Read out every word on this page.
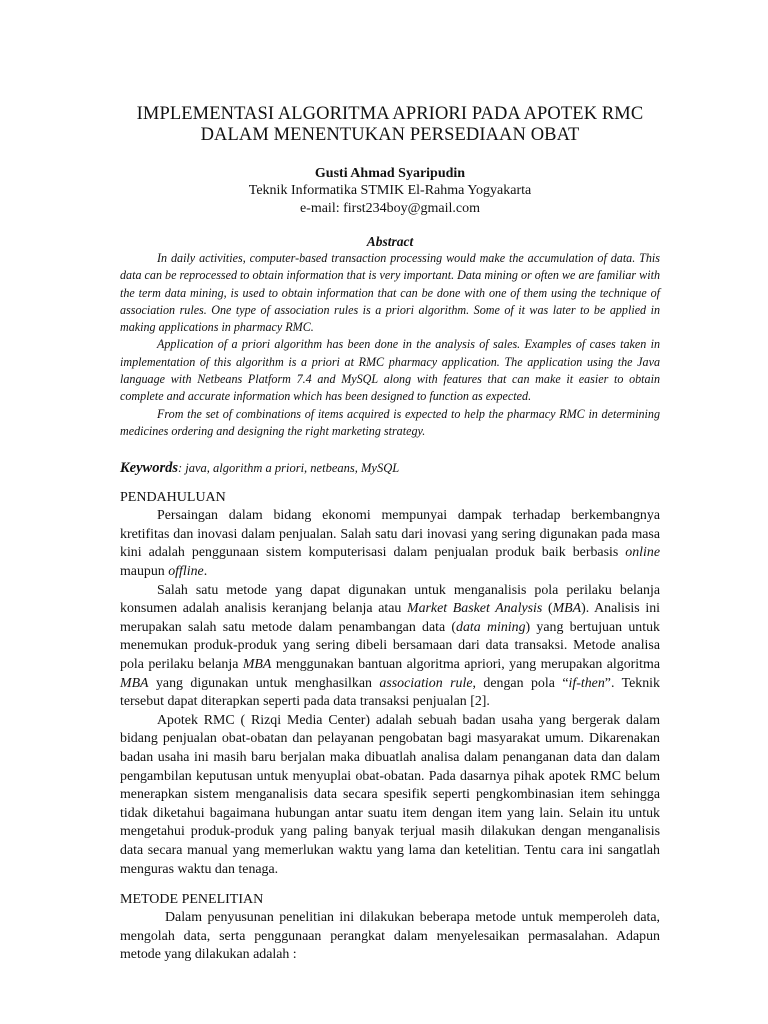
IMPLEMENTASI ALGORITMA APRIORI PADA APOTEK RMC
DALAM MENENTUKAN PERSEDIAAN OBAT
Gusti Ahmad Syaripudin
Teknik Informatika STMIK El-Rahma Yogyakarta
e-mail: first234boy@gmail.com
Abstract

In daily activities, computer-based transaction processing would make the accumulation of data. This data can be reprocessed to obtain information that is very important. Data mining or often we are familiar with the term data mining, is used to obtain information that can be done with one of them using the technique of association rules. One type of association rules is a priori algorithm. Some of it was later to be applied in making applications in pharmacy RMC.

Application of a priori algorithm has been done in the analysis of sales. Examples of cases taken in implementation of this algorithm is a priori at RMC pharmacy application. The application using the Java language with Netbeans Platform 7.4 and MySQL along with features that can make it easier to obtain complete and accurate information which has been designed to function as expected.

From the set of combinations of items acquired is expected to help the pharmacy RMC in determining medicines ordering and designing the right marketing strategy.

Keywords: java, algorithm a priori, netbeans, MySQL
PENDAHULUAN

Persaingan dalam bidang ekonomi mempunyai dampak terhadap berkembangnya kretifitas dan inovasi dalam penjualan. Salah satu dari inovasi yang sering digunakan pada masa kini adalah penggunaan sistem komputerisasi dalam penjualan produk baik berbasis online maupun offline.

Salah satu metode yang dapat digunakan untuk menganalisis pola perilaku belanja konsumen adalah analisis keranjang belanja atau Market Basket Analysis (MBA). Analisis ini merupakan salah satu metode dalam penambangan data (data mining) yang bertujuan untuk menemukan produk-produk yang sering dibeli bersamaan dari data transaksi. Metode analisa pola perilaku belanja MBA menggunakan bantuan algoritma apriori, yang merupakan algoritma MBA yang digunakan untuk menghasilkan association rule, dengan pola “if-then”. Teknik tersebut dapat diterapkan seperti pada data transaksi penjualan [2].

Apotek RMC ( Rizqi Media Center) adalah sebuah badan usaha yang bergerak dalam bidang penjualan obat-obatan dan pelayanan pengobatan bagi masyarakat umum. Dikarenakan badan usaha ini masih baru berjalan maka dibuatlah analisa dalam penanganan data dan dalam pengambilan keputusan untuk menyuplai obat-obatan. Pada dasarnya pihak apotek RMC belum menerapkan sistem menganalisis data secara spesifik seperti pengkombinasian item sehingga tidak diketahui bagaimana hubungan antar suatu item dengan item yang lain. Selain itu untuk mengetahui produk-produk yang paling banyak terjual masih dilakukan dengan menganalisis data secara manual yang memerlukan waktu yang lama dan ketelitian. Tentu cara ini sangatlah menguras waktu dan tenaga.

METODE PENELITIAN

Dalam penyusunan penelitian ini dilakukan beberapa metode untuk memperoleh data, mengolah data, serta penggunaan perangkat dalam menyelesaikan permasalahan. Adapun metode yang dilakukan adalah :
